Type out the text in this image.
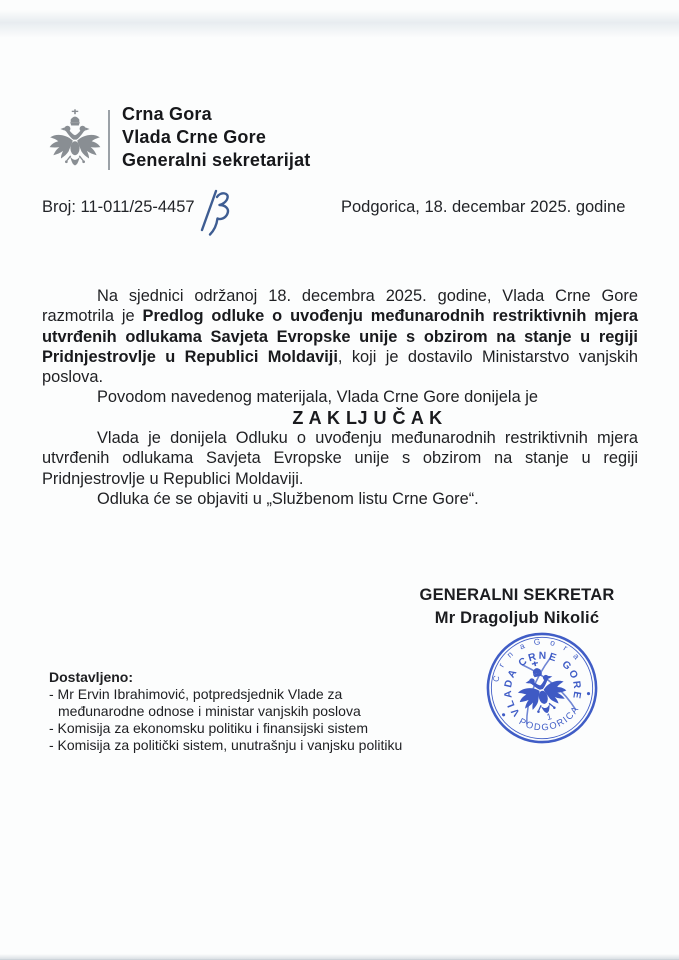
Crna Gora
Vlada Crne Gore
Generalni sekretarijat
Broj: 11-011/25-4457	Podgorica, 18. decembar 2025. godine

Na sjednici održanoj 18. decembra 2025. godine, Vlada Crne Gore razmotrila je Predlog odluke o uvođenju međunarodnih restriktivnih mjera utvrđenih odlukama Savjeta Evropske unije s obzirom na stanje u regiji Pridnjestrovlje u Republici Moldaviji, koji je dostavilo Ministarstvo vanjskih poslova.

Povodom navedenog materijala, Vlada Crne Gore donijela je

Z A K LJ U Č A K

Vlada je donijela Odluku o uvođenju međunarodnih restriktivnih mjera utvrđenih odlukama Savjeta Evropske unije s obzirom na stanje u regiji Pridnjestrovlje u Republici Moldaviji.

Odluka će se objaviti u „Službenom listu Crne Gore“.

GENERALNI SEKRETAR
Mr Dragoljub Nikolić
C r n a G o r a
VLADA CRNE GORE
PODGORICA
1
Dostavljeno:
- Mr Ervin Ibrahimović, potpredsjednik Vlade za
međunarodne odnose i ministar vanjskih poslova
- Komisija za ekonomsku politiku i finansijski sistem
- Komisija za politički sistem, unutrašnju i vanjsku politiku
